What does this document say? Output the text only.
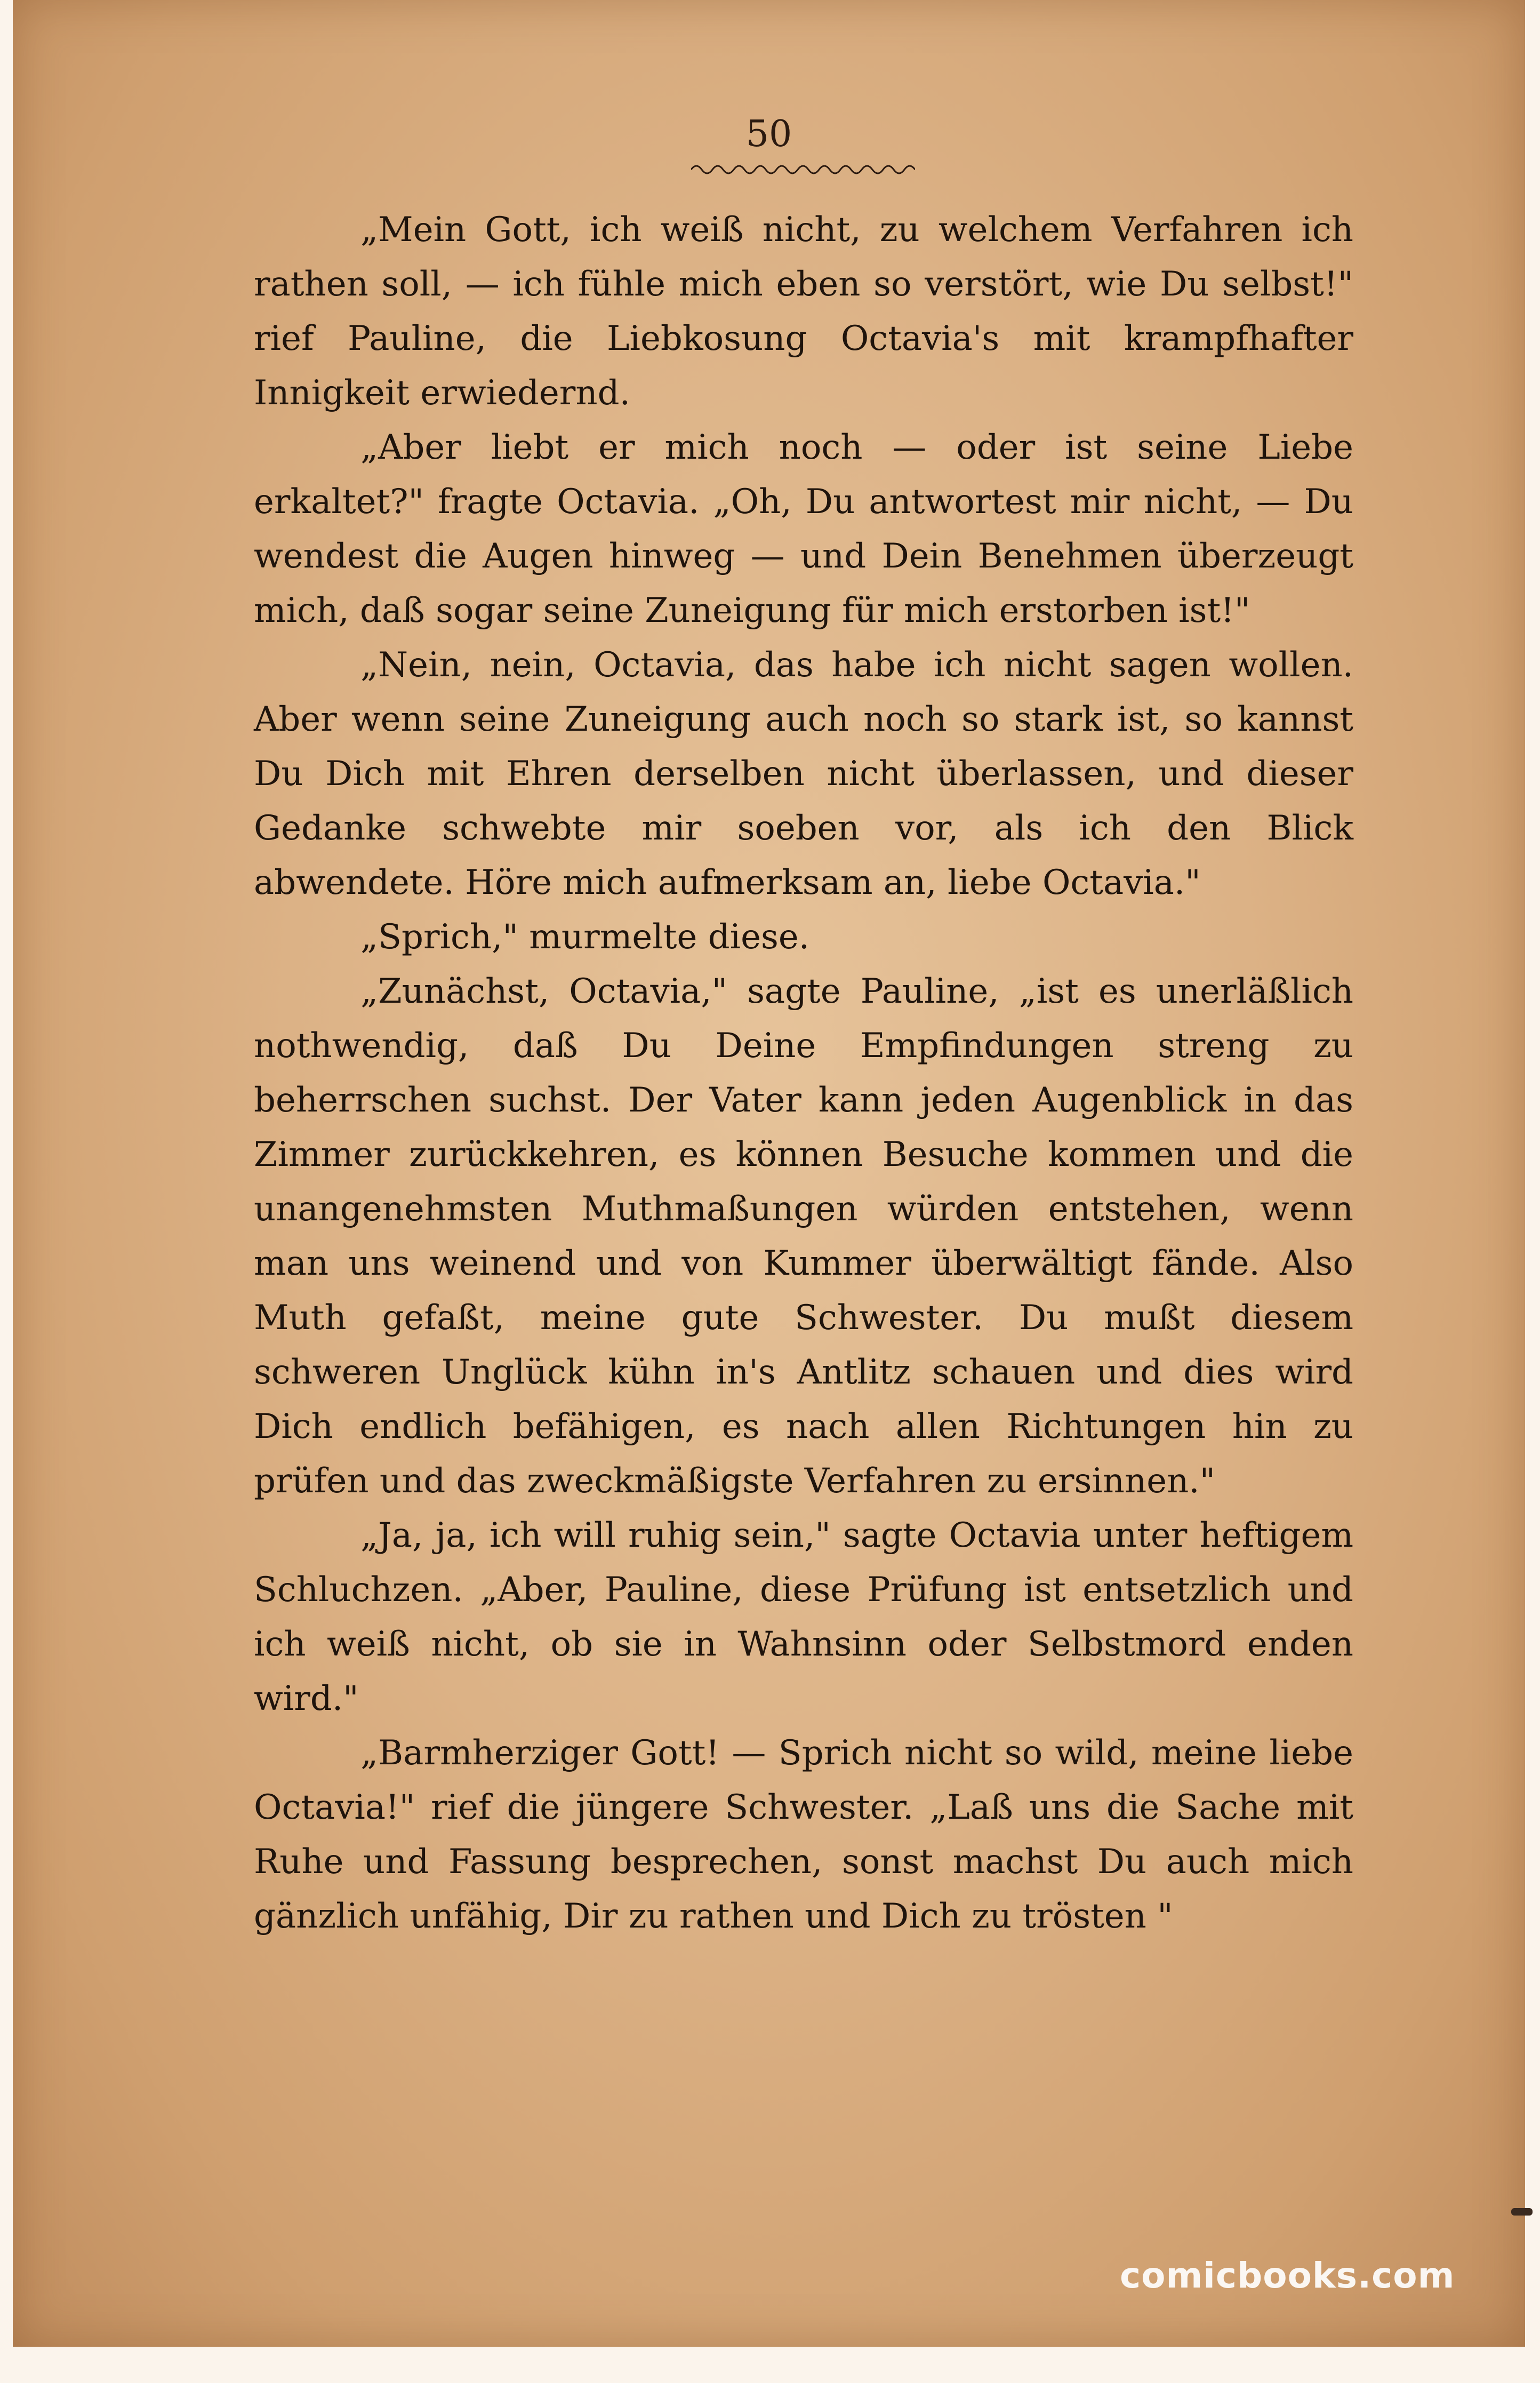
50

„Mein Gott, ich weiß nicht, zu welchem Verfahren ich rathen soll, — ich fühle mich eben so verstört, wie Du selbst!" rief Pauline, die Liebkosung Octavia's mit krampfhafter Innigkeit erwiedernd.

„Aber liebt er mich noch — oder ist seine Liebe erkaltet?" fragte Octavia. „Oh, Du antwortest mir nicht, — Du wendest die Augen hinweg — und Dein Benehmen überzeugt mich, daß sogar seine Zuneigung für mich erstorben ist!"

„Nein, nein, Octavia, das habe ich nicht sagen wollen. Aber wenn seine Zuneigung auch noch so stark ist, so kannst Du Dich mit Ehren derselben nicht überlassen, und dieser Gedanke schwebte mir soeben vor, als ich den Blick abwendete. Höre mich aufmerksam an, liebe Octavia."

„Sprich," murmelte diese.

„Zunächst, Octavia," sagte Pauline, „ist es unerläßlich nothwendig, daß Du Deine Empfindungen streng zu beherrschen suchst. Der Vater kann jeden Augenblick in das Zimmer zurückkehren, es können Besuche kommen und die unangenehmsten Muthmaßungen würden entstehen, wenn man uns weinend und von Kummer überwältigt fände. Also Muth gefaßt, meine gute Schwester. Du mußt diesem schweren Unglück kühn in's Antlitz schauen und dies wird Dich endlich befähigen, es nach allen Richtungen hin zu prüfen und das zweckmäßigste Verfahren zu ersinnen."

„Ja, ja, ich will ruhig sein," sagte Octavia unter heftigem Schluchzen. „Aber, Pauline, diese Prüfung ist entsetzlich und ich weiß nicht, ob sie in Wahnsinn oder Selbstmord enden wird."

„Barmherziger Gott! — Sprich nicht so wild, meine liebe Octavia!" rief die jüngere Schwester. „Laß uns die Sache mit Ruhe und Fassung besprechen, sonst machst Du auch mich gänzlich unfähig, Dir zu rathen und Dich zu trösten "

comicbooks.com
